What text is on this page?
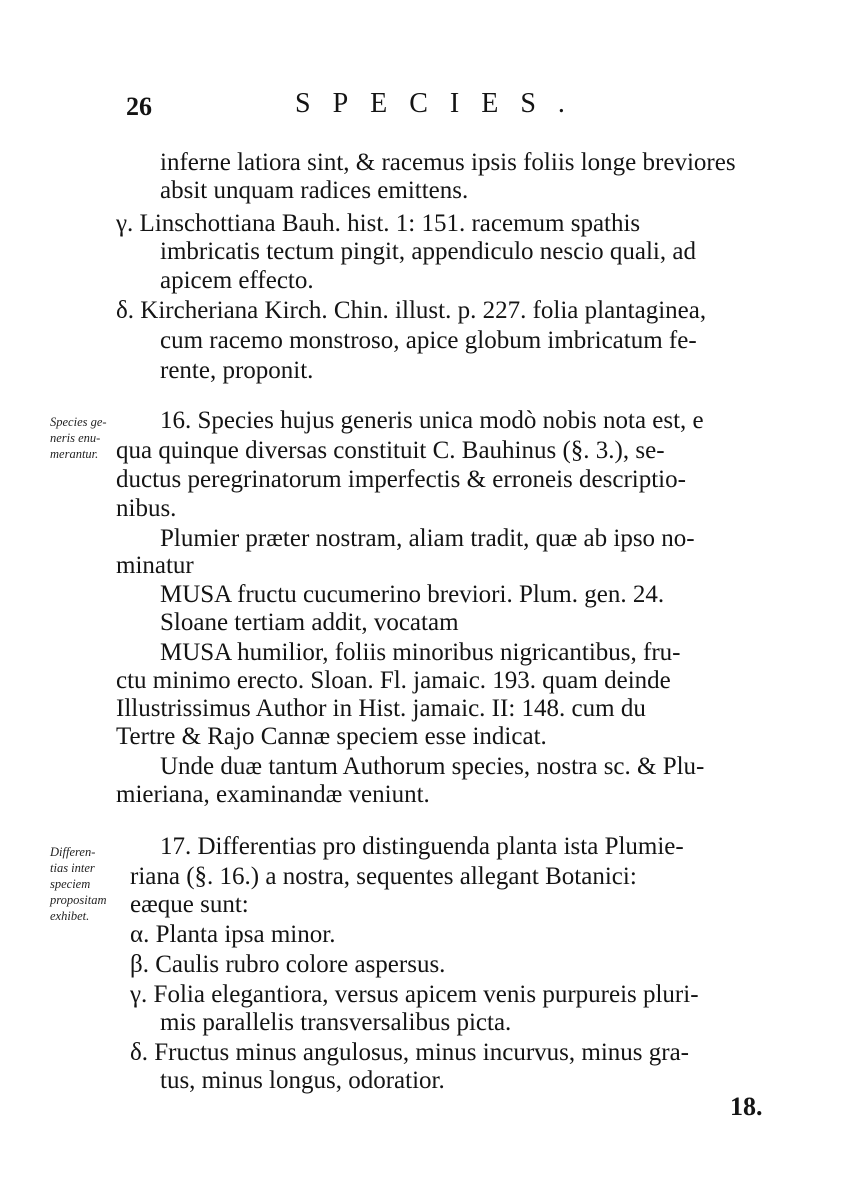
26	SPECIES.
inferne latiora sint, & racemus ipsis foliis longe breviores
absit unquam radices emittens.
γ. Linschottiana Bauh. hist. 1: 151. racemum spathis
imbricatis tectum pingit, appendiculo nescio quali, ad
apicem effecto.
δ. Kircheriana Kirch. Chin. illust. p. 227. folia plantaginea,
cum racemo monstroso, apice globum imbricatum fe-
rente, proponit.
Species ge-
neris enu-
merantur.
16. Species hujus generis unica modò nobis nota est, e
qua quinque diversas constituit C. Bauhinus (§. 3.), se-
ductus peregrinatorum imperfectis & erroneis descriptio-
nibus.
Plumier præter nostram, aliam tradit, quæ ab ipso no-
minatur
MUSA fructu cucumerino breviori. Plum. gen. 24.
Sloane tertiam addit, vocatam
MUSA humilior, foliis minoribus nigricantibus, fru-
ctu minimo erecto. Sloan. Fl. jamaic. 193. quam deinde
Illustrissimus Author in Hist. jamaic. II: 148. cum du
Tertre & Rajo Cannæ speciem esse indicat.
Unde duæ tantum Authorum species, nostra sc. & Plu-
mieriana, examinandæ veniunt.
Differen-
tias inter
speciem
propositam
exhibet.
17. Differentias pro distinguenda planta ista Plumie-
riana (§. 16.) a nostra, sequentes allegant Botanici:
eæque sunt:
α. Planta ipsa minor.
β. Caulis rubro colore aspersus.
γ. Folia elegantiora, versus apicem venis purpureis pluri-
mis parallelis transversalibus picta.
δ. Fructus minus angulosus, minus incurvus, minus gra-
tus, minus longus, odoratior.
18.
